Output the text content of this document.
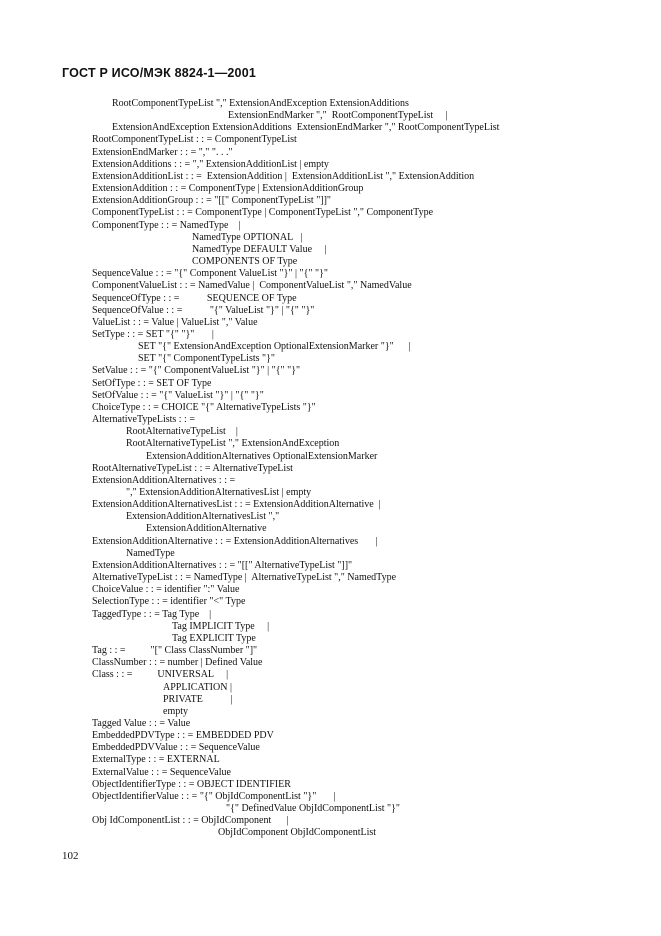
ГОСТ Р ИСО/МЭК 8824-1—2001
RootComponentTypeList "," ExtensionAndException ExtensionAdditions
ExtensionEndMarker ","  RootComponentTypeList     |
ExtensionAndException ExtensionAdditions  ExtensionEndMarker "," RootComponentTypeList
RootComponentTypeList : : = ComponentTypeList
ExtensionEndMarker : : = "," ". . ."
ExtensionAdditions : : = "," ExtensionAdditionList | empty
ExtensionAdditionList : : =  ExtensionAddition |  ExtensionAdditionList "," ExtensionAddition
ExtensionAddition : : = ComponentType | ExtensionAdditionGroup
ExtensionAdditionGroup : : = "[[" ComponentTypeList "]]"
ComponentTypeList : : = ComponentType | ComponentTypeList "," ComponentType
ComponentType : : = NamedType    |
NamedType OPTIONAL   |
NamedType DEFAULT Value     |
COMPONENTS OF Type
SequenceValue : : = "{" Component ValueList "}" | "{" "}"
ComponentValueList : : = NamedValue |  ComponentValueList "," NamedValue
SequenceOfType : : =           SEQUENCE OF Type
SequenceOfValue : : =           "{" ValueList "}" | "{" "}"
ValueList : : = Value | ValueList "," Value
SetType : : = SET "{" "}"       |
SET "{" ExtensionAndException OptionalExtensionMarker "}"      |
SET "{" ComponentTypeLists "}"
SetValue : : = "{" ComponentValueList "}" | "{" "}"
SetOfType : : = SET OF Type
SetOfValue : : = "{" ValueList "}" | "{" "}"
ChoiceType : : = CHOICE "{" AlternativeTypeLists "}"
AlternativeTypeLists : : =
RootAlternativeTypeList    |
RootAlternativeTypeList "," ExtensionAndException
ExtensionAdditionAlternatives OptionalExtensionMarker
RootAlternativeTypeList : : = AlternativeTypeList
ExtensionAdditionAlternatives : : =
"," ExtensionAdditionAlternativesList | empty
ExtensionAdditionAlternativesList : : = ExtensionAdditionAlternative  |
ExtensionAdditionAlternativesList ","
ExtensionAdditionAlternative
ExtensionAdditionAlternative : : = ExtensionAdditionAlternatives       |
NamedType
ExtensionAdditionAlternatives : : = "[[" AlternativeTypeList "]]"
AlternativeTypeList : : = NamedType |  AlternativeTypeList "," NamedType
ChoiceValue : : = identifier ":" Value
SelectionType : : = identifier "<" Type
TaggedType : : = Tag Type    |
Tag IMPLICIT Type     |
Tag EXPLICIT Type
Tag : : =          "[" Class ClassNumber "]"
ClassNumber : : = number | Defined Value
Class : : =          UNIVERSAL     |
APPLICATION |
PRIVATE           |
empty
Tagged Value : : = Value
EmbeddedPDVType : : = EMBEDDED PDV
EmbeddedPDVValue : : = SequenceValue
ExternalType : : = EXTERNAL
ExternalValue : : = SequenceValue
ObjectIdentifierType : : = OBJECT IDENTIFIER
ObjectIdentifierValue : : = "{" ObjIdComponentList "}"       |
"{" DefinedValue ObjIdComponentList "}"
Obj IdComponentList : : = ObjIdComponent      |
ObjIdComponent ObjIdComponentList
102
